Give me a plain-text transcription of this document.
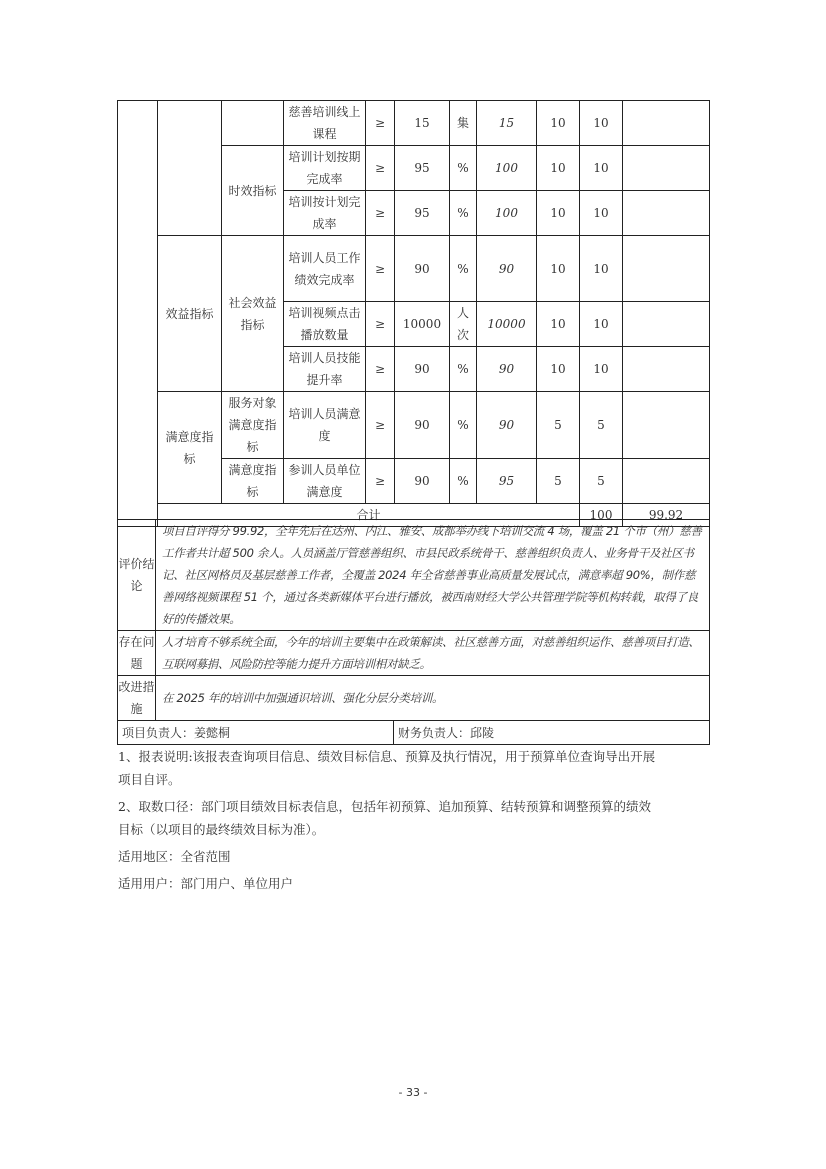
			慈善培训线上课程	≥	15	集	15	10	10		
		时效指标	培训计划按期完成率	≥	95	%	100	10	10		
			培训按计划完成率	≥	95	%	100	10	10		
	效益指标	社会效益指标	培训人员工作绩效完成率	≥	90	%	90	10	10		
			培训视频点击播放数量	≥	10000	人次	10000	10	10		
			培训人员技能提升率	≥	90	%	90	10	10		
	满意度指标	服务对象满意度指标	培训人员满意度	≥	90	%	90	5	5		
		满意度指标	参训人员单位满意度	≥	90	%	95	5	5		
	合计								100	99.92	
评价结论	项目自评得分 99.92，全年先后在达州、内江、雅安、成都举办线下培训交流 4 场，覆盖 21 个市（州）慈善工作者共计超 500 余人。人员涵盖厅管慈善组织、市县民政系统骨干、慈善组织负责人、业务骨干及社区书记、社区网格员及基层慈善工作者，全覆盖 2024 年全省慈善事业高质量发展试点，满意率超 90%，制作慈善网络视频课程 51 个，通过各类新媒体平台进行播放，被西南财经大学公共管理学院等机构转载，取得了良好的传播效果。	
存在问题	人才培育不够系统全面，今年的培训主要集中在政策解读、社区慈善方面，对慈善组织运作、慈善项目打造、互联网募捐、风险防控等能力提升方面培训相对缺乏。	
改进措施	在 2025 年的培训中加强通识培训、强化分层分类培训。	
项目负责人：姜懿桐		财务负责人：邱陵

1、报表说明:该报表查询项目信息、绩效目标信息、预算及执行情况，用于预算单位查询导出开展项目自评。

2、取数口径：部门项目绩效目标表信息，包括年初预算、追加预算、结转预算和调整预算的绩效目标（以项目的最终绩效目标为准）。

适用地区：全省范围

适用用户：部门用户、单位用户

- 33 -
